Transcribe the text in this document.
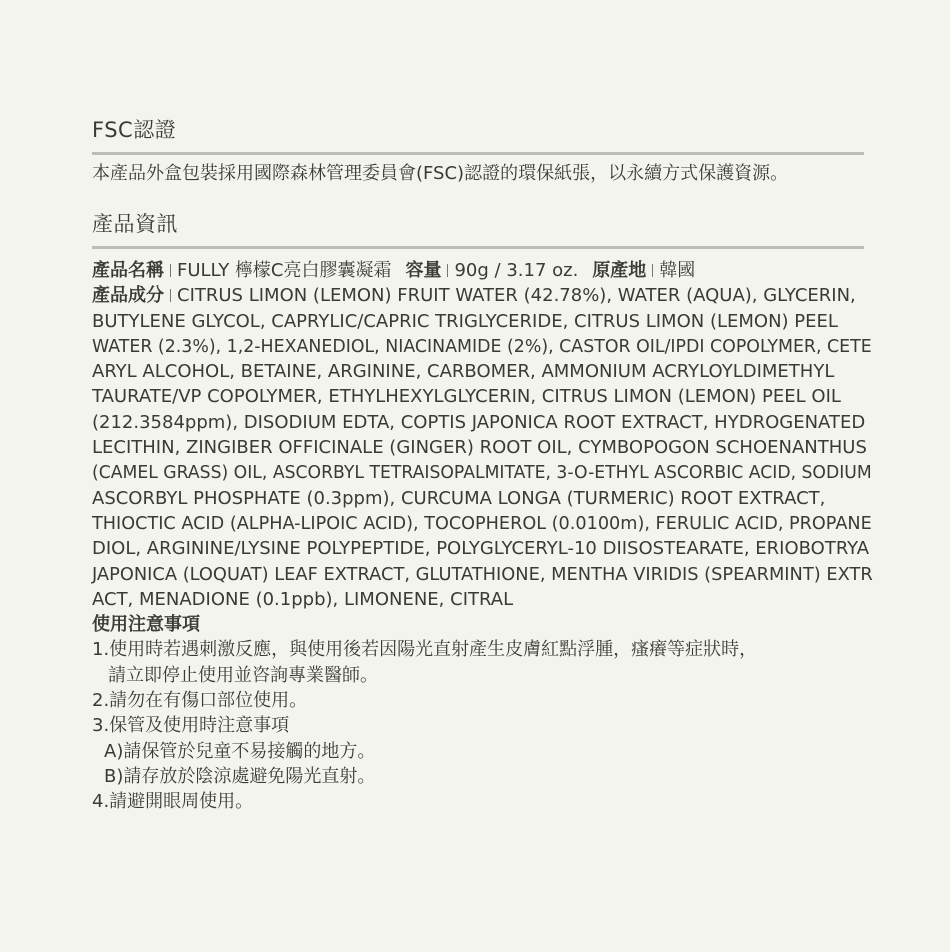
FSC認證
本產品外盒包裝採用國際森林管理委員會(FSC)認證的環保紙張，以永續方式保護資源。
產品資訊
產品名稱 FULLY 檸檬C亮白膠囊凝霜 容量 90g / 3.17 oz. 原產地 韓國
產品成分 CITRUS LIMON (LEMON) FRUIT WATER (42.78%), WATER (AQUA), GLYCERIN,
BUTYLENE GLYCOL, CAPRYLIC/CAPRIC TRIGLYCERIDE, CITRUS LIMON (LEMON) PEEL
WATER (2.3%), 1,2-HEXANEDIOL, NIACINAMIDE (2%), CASTOR OIL/IPDI COPOLYMER, CETE
ARYL ALCOHOL, BETAINE, ARGININE, CARBOMER, AMMONIUM ACRYLOYLDIMETHYL
TAURATE/VP COPOLYMER, ETHYLHEXYLGLYCERIN, CITRUS LIMON (LEMON) PEEL OIL
(212.3584ppm), DISODIUM EDTA, COPTIS JAPONICA ROOT EXTRACT, HYDROGENATED
LECITHIN, ZINGIBER OFFICINALE (GINGER) ROOT OIL, CYMBOPOGON SCHOENANTHUS
(CAMEL GRASS) OIL, ASCORBYL TETRAISOPALMITATE, 3-O-ETHYL ASCORBIC ACID, SODIUM
ASCORBYL PHOSPHATE (0.3ppm), CURCUMA LONGA (TURMERIC) ROOT EXTRACT,
THIOCTIC ACID (ALPHA-LIPOIC ACID), TOCOPHEROL (0.0100m), FERULIC ACID, PROPANE
DIOL, ARGININE/LYSINE POLYPEPTIDE, POLYGLYCERYL-10 DIISOSTEARATE, ERIOBOTRYA
JAPONICA (LOQUAT) LEAF EXTRACT, GLUTATHIONE, MENTHA VIRIDIS (SPEARMINT) EXTR
ACT, MENADIONE (0.1ppb), LIMONENE, CITRAL
使用注意事項
1.使用時若遇刺激反應，與使用後若因陽光直射產生皮膚紅點浮腫，瘙癢等症狀時，
請立即停止使用並咨詢專業醫師。
2.請勿在有傷口部位使用。
3.保管及使用時注意事項
A)請保管於兒童不易接觸的地方。
B)請存放於陰涼處避免陽光直射。
4.請避開眼周使用。
